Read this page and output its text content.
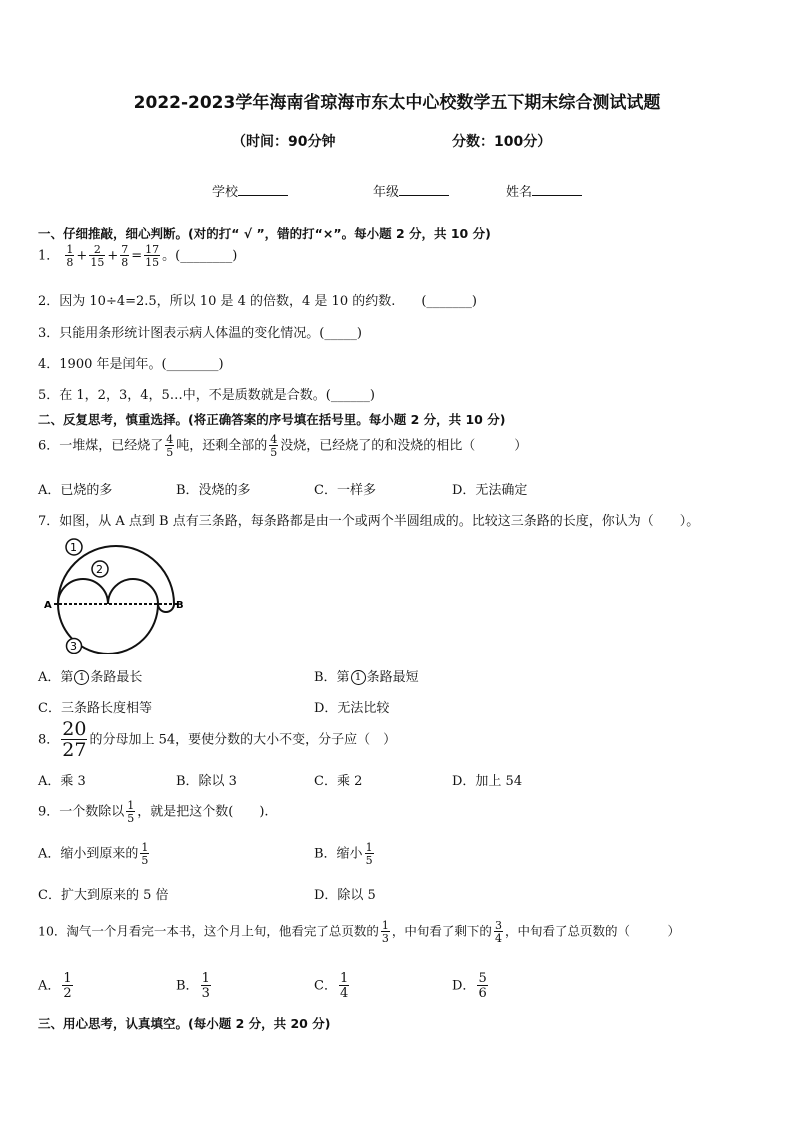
2022-2023学年海南省琼海市东太中心校数学五下期末综合测试试题
（时间：90分钟	分数：100分）
学校	年级	姓名
一、仔细推敲，细心判断。(对的打“ √ ”，错的打“×”。每小题 2 分，共 10 分)
1． $\frac{1}{8} + \frac{2}{15} + \frac{7}{8} = \frac{17}{15}$ 。(________)
2．因为 10÷4=2.5，所以 10 是 4 的倍数，4 是 10 的约数.　　(_______)
3．只能用条形统计图表示病人体温的变化情况。(_____)
4．1900 年是闰年。(________)
5．在 1，2，3，4，5…中，不是质数就是合数。(______)
二、反复思考，慎重选择。(将正确答案的序号填在括号里。每小题 2 分，共 10 分)
6．一堆煤，已经烧了 $\frac{4}{5}$ 吨，还剩全部的 $\frac{4}{5}$ 没烧，已经烧了的和没烧的相比（　　　）
A．已烧的多	B．没烧的多	C．一样多	D．无法确定
7．如图，从 A 点到 B 点有三条路，每条路都是由一个或两个半圆组成的。比较这三条路的长度，你认为（　　）。
A	B
1
2
3
A．第 1 条路最长	B．第 1 条路最短
C．三条路长度相等	D．无法比较
8． $\frac{20}{27}$ 的分母加上 54，要使分数的大小不变，分子应（　）
A．乘 3	B．除以 3	C．乘 2	D．加上 54
9．一个数除以 $\frac{1}{5}$ ，就是把这个数(　　).
A．缩小到原来的 $\frac{1}{5}$	B．缩小 $\frac{1}{5}$
C．扩大到原来的 5 倍	D．除以 5
10．淘气一个月看完一本书，这个月上旬，他看完了总页数的 $\frac{1}{3}$ ，中旬看了剩下的 $\frac{3}{4}$ ，中旬看了总页数的（　　　）
A． $\frac{1}{2}$	B． $\frac{1}{3}$	C． $\frac{1}{4}$	D． $\frac{5}{6}$
三、用心思考，认真填空。(每小题 2 分，共 20 分)
